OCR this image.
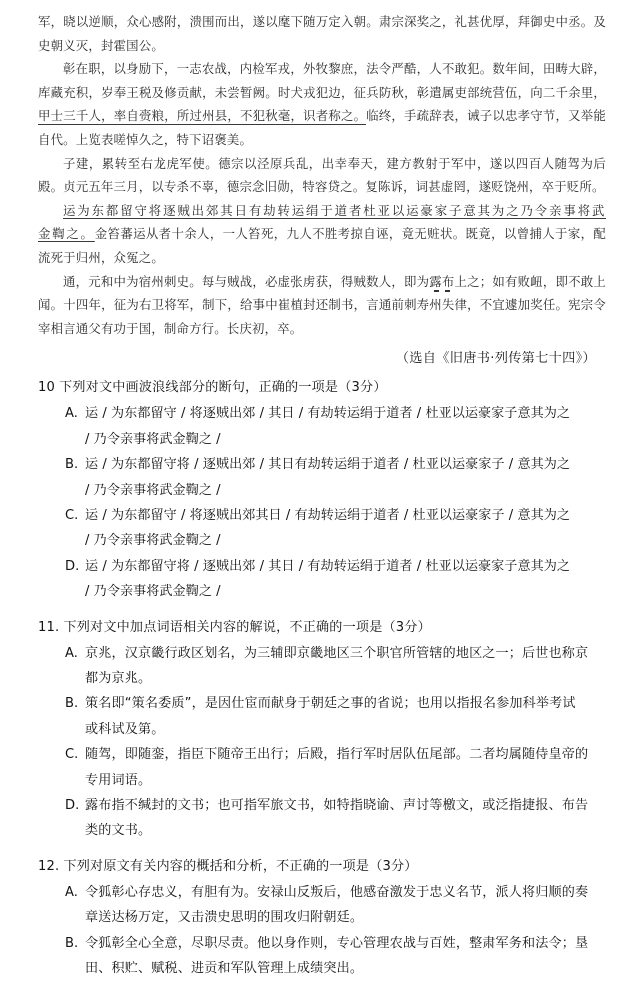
军，晓以逆顺，众心感附，溃围而出，遂以麾下随万定入朝。肃宗深奖之，礼甚优厚，拜御史中丞。及史朝义灭，封霍国公。

彰在职，以身励下，一志农战，内检军戎，外牧黎庶，法令严酷，人不敢犯。数年间，田畴大辟，库藏充积，岁奉王税及修贡献，未尝暂阙。时犬戎犯边，征兵防秋，彰遣属吏部统营伍，向二千余里，甲士三千人，率自赍粮，所过州县，不犯秋毫，识者称之。临终，手疏辞表，诫子以忠孝守节，又举能自代。上览表嗟悼久之，特下诏褒美。

子建，累转至右龙虎军使。德宗以泾原兵乱，出幸奉天，建方教射于军中，遂以四百人随驾为后殿。贞元五年三月，以专杀不辜，德宗念旧勋，特容贷之。复陈诉，词甚虚罔，遂贬饶州，卒于贬所。

运为东都留守将逐贼出郊其日有劫转运绢于道者杜亚以运豪家子意其为之乃令亲事将武金鞫之。金笞蕃运从者十余人，一人笞死，九人不胜考掠自诬，竟无赃状。既竟，以曾捕人于家，配流死于归州，众冤之。

通，元和中为宿州刺史。每与贼战，必虚张虏获，得贼数人，即为露布上之；如有败衄，即不敢上闻。十四年，征为右卫将军，制下，给事中崔植封还制书，言通前刺寿州失律，不宜遽加奖任。宪宗令宰相言通父有功于国，制命方行。长庆初，卒。

（选自《旧唐书·列传第七十四》）

10 下列对文中画波浪线部分的断句，正确的一项是（3分）

A. 运 / 为东都留守 / 将逐贼出郊 / 其日 / 有劫转运绢于道者 / 杜亚以运豪家子意其为之
/ 乃令亲事将武金鞫之 /
B. 运 / 为东都留守将 / 逐贼出郊 / 其日有劫转运绢于道者 / 杜亚以运豪家子 / 意其为之
/ 乃令亲事将武金鞫之 /
C. 运 / 为东都留守 / 将逐贼出郊其日 / 有劫转运绢于道者 / 杜亚以运豪家子 / 意其为之
/ 乃令亲事将武金鞫之 /
D. 运 / 为东都留守将 / 逐贼出郊 / 其日 / 有劫转运绢于道者 / 杜亚以运豪家子意其为之
/ 乃令亲事将武金鞫之 /

11. 下列对文中加点词语相关内容的解说，不正确的一项是（3分）

A. 京兆，汉京畿行政区划名，为三辅即京畿地区三个职官所管辖的地区之一；后世也称京
都为京兆。
B. 策名即“策名委质”，是因仕宦而献身于朝廷之事的省说；也用以指报名参加科举考试
或科试及第。
C. 随驾，即随銮，指臣下随帝王出行；后殿，指行军时居队伍尾部。二者均属随侍皇帝的
专用词语。
D. 露布指不缄封的文书；也可指军旅文书，如特指晓谕、声讨等檄文，或泛指捷报、布告
类的文书。

12. 下列对原文有关内容的概括和分析，不正确的一项是（3分）

A. 令狐彰心存忠义，有胆有为。安禄山反叛后，他感奋激发于忠义名节，派人将归顺的奏
章送达杨万定，又击溃史思明的围攻归附朝廷。
B. 令狐彰全心全意，尽职尽责。他以身作则，专心管理农战与百姓，整肃军务和法令；垦
田、积贮、赋税、进贡和军队管理上成绩突出。
